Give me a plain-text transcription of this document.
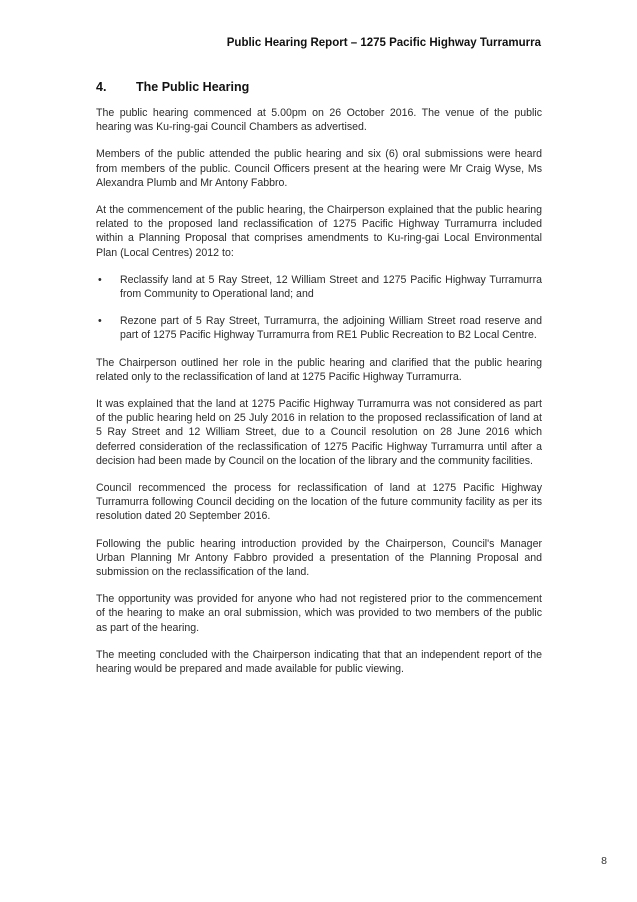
Public Hearing Report – 1275 Pacific Highway Turramurra
4. The Public Hearing

The public hearing commenced at 5.00pm on 26 October 2016. The venue of the public hearing was Ku-ring-gai Council Chambers as advertised.

Members of the public attended the public hearing and six (6) oral submissions were heard from members of the public. Council Officers present at the hearing were Mr Craig Wyse, Ms Alexandra Plumb and Mr Antony Fabbro.

At the commencement of the public hearing, the Chairperson explained that the public hearing related to the proposed land reclassification of 1275 Pacific Highway Turramurra included within a Planning Proposal that comprises amendments to Ku-ring-gai Local Environmental Plan (Local Centres) 2012 to:

• Reclassify land at 5 Ray Street, 12 William Street and 1275 Pacific Highway Turramurra from Community to Operational land; and
• Rezone part of 5 Ray Street, Turramurra, the adjoining William Street road reserve and part of 1275 Pacific Highway Turramurra from RE1 Public Recreation to B2 Local Centre.

The Chairperson outlined her role in the public hearing and clarified that the public hearing related only to the reclassification of land at 1275 Pacific Highway Turramurra.

It was explained that the land at 1275 Pacific Highway Turramurra was not considered as part of the public hearing held on 25 July 2016 in relation to the proposed reclassification of land at 5 Ray Street and 12 William Street, due to a Council resolution on 28 June 2016 which deferred consideration of the reclassification of 1275 Pacific Highway Turramurra until after a decision had been made by Council on the location of the library and the community facilities.

Council recommenced the process for reclassification of land at 1275 Pacific Highway Turramurra following Council deciding on the location of the future community facility as per its resolution dated 20 September 2016.

Following the public hearing introduction provided by the Chairperson, Council's Manager Urban Planning Mr Antony Fabbro provided a presentation of the Planning Proposal and submission on the reclassification of the land.

The opportunity was provided for anyone who had not registered prior to the commencement of the hearing to make an oral submission, which was provided to two members of the public as part of the hearing.

The meeting concluded with the Chairperson indicating that that an independent report of the hearing would be prepared and made available for public viewing.

8
